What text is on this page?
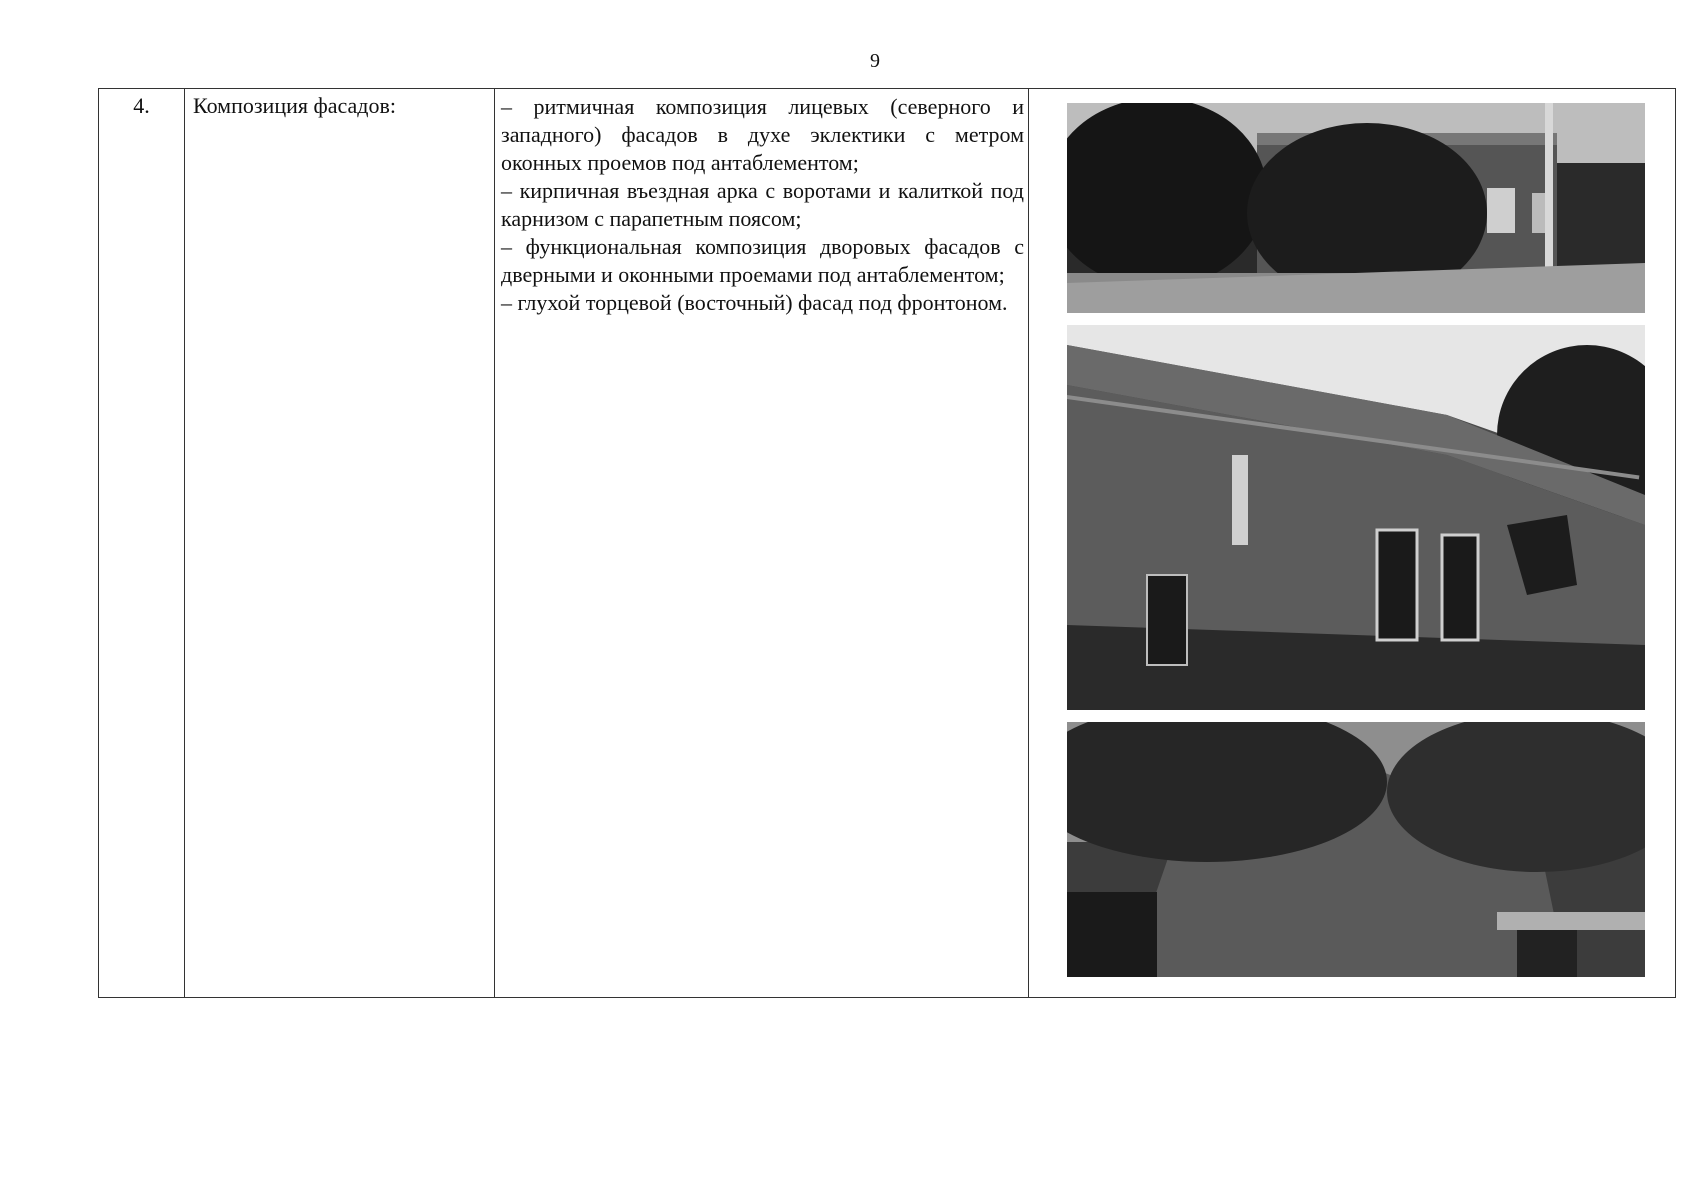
9
4.	Композиция фасадов:	– ритмичная композиция лицевых (северного и западного) фасадов в духе эклектики с метром оконных проемов под антаблементом;

– кирпичная въездная арка с воротами и калиткой под карнизом с парапетным поясом;

– функциональная композиция дворовых фасадов с дверными и оконными проемами под антаблементом;

– глухой торцевой (восточный) фасад под фронтоном.
